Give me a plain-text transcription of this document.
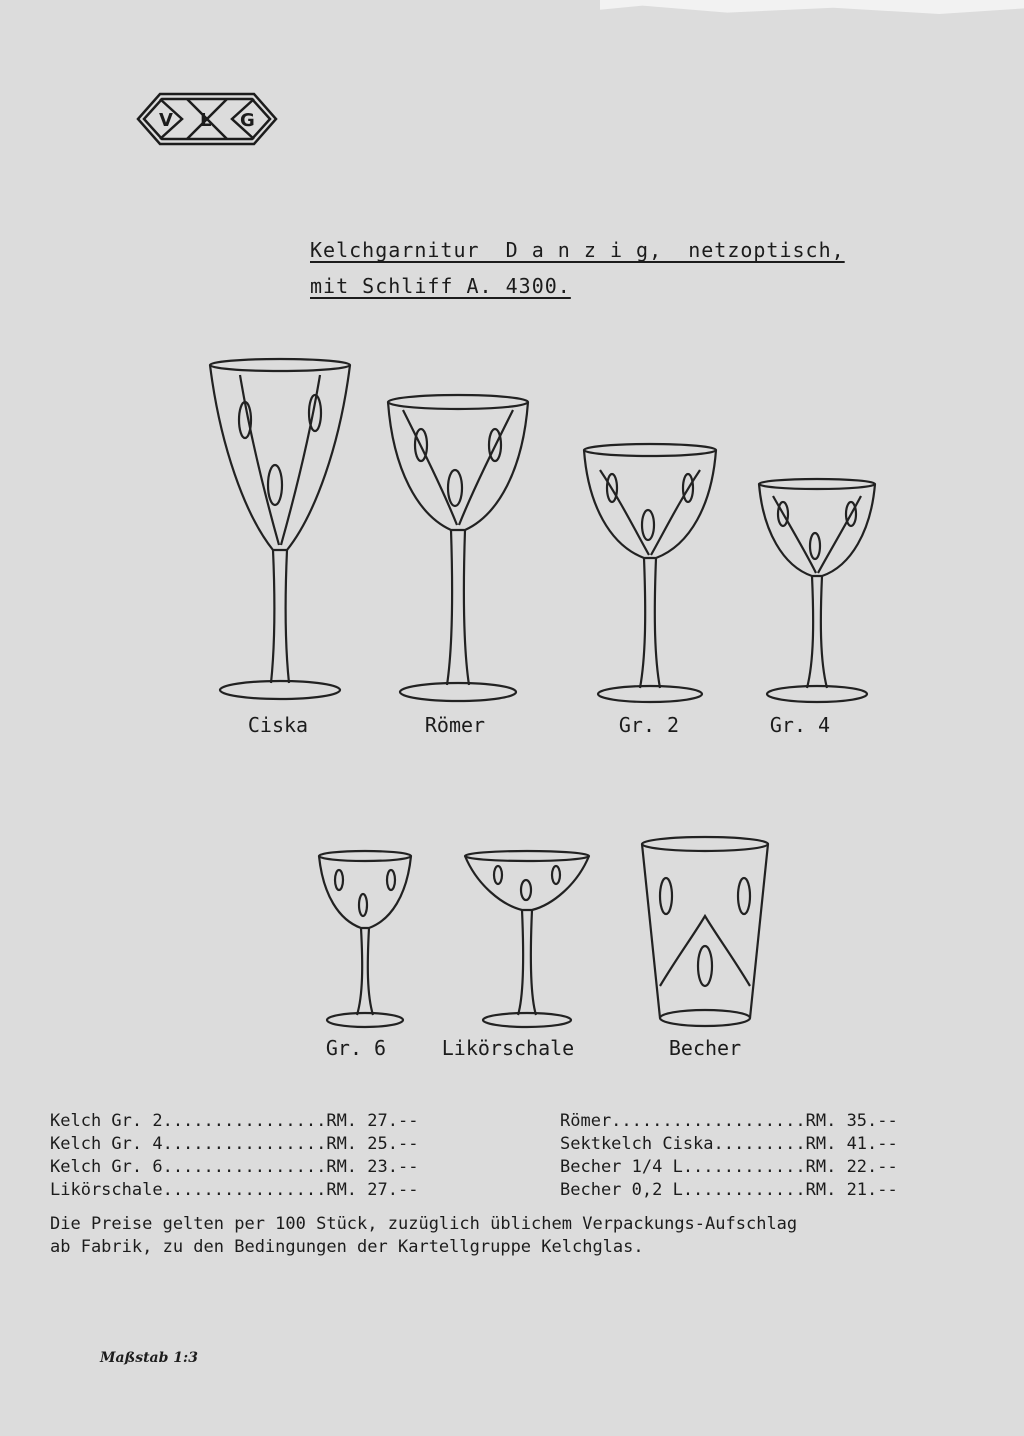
V L G
Kelchgarnitur  D a n z i g,  netzoptisch,
mit Schliff A. 4300.
Ciska	Römer	Gr. 2	Gr. 4
Gr. 6	Likörschale	Becher
Kelch Gr. 2................RM. 27.--
Kelch Gr. 4................RM. 25.--
Kelch Gr. 6................RM. 23.--
Likörschale................RM. 27.--
Römer...................RM. 35.--
Sektkelch Ciska.........RM. 41.--
Becher 1/4 L............RM. 22.--
Becher 0,2 L............RM. 21.--
Die Preise gelten per 100 Stück, zuzüglich üblichem Verpackungs-Aufschlag
ab Fabrik, zu den Bedingungen der Kartellgruppe Kelchglas.
Maßstab 1:3
